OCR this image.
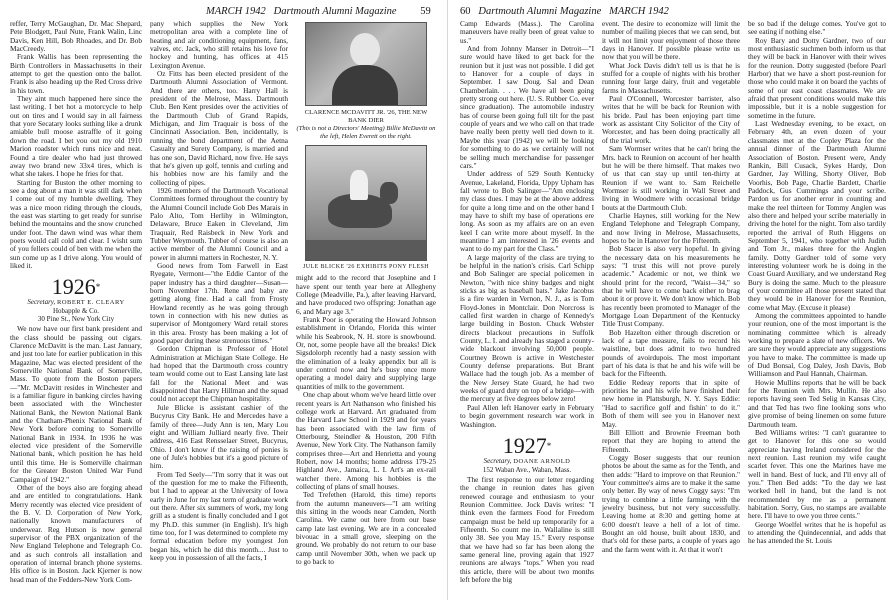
MARCH 1942 Dartmouth Alumni Magazine 59

reffer, Terry McGaughan, Dr. Mac Shepard, Pete Blodgett, Paul Nute, Frank Walin, Linc Davis, Ken Hill, Bob Rhoades, and Dr. Bob MacCreedy.

Frank Wallis has been representing the Birth Controllers in Massachusetts in their attempt to get the question onto the ballot. Frank is also heading up the Red Cross drive in his town.

They aint much happened here since the last writing. I bet hot a motorcycle to help out on tires and I would say in all fairness that yore Secatary looks suthing like a drunk amiable bull moose astraffle of it going down the road. I bet you out my old 1910 Marion roadster which runs nice and neat. Found a tire dealer who had just throwed away two brand new 33x4 tires, which is what she takes. I hope he fries for that.

Starting for Buston the other morning to see a dog about a man it was still dark when I come out of my humble dwelling. They was a nice moon riding through the clouds, the east was starting to get ready for sunrise behind the mountains and the snow crunched under foot. The dawn wind was whar them poets would call cold and clear. I wisht sum of you fellers could of ben with me when the sun come up as I drive along. You would of liked it.

1926*
Secretary, ROBERT E. CLEARY
Hobapple & Co.
30 Pine St., New York City

We now have our first bank president and the class should be passing out cigars. Clarence McDavitt is the man. Last January, and just too late for earlier publication in this Magazine, Mac was elected president of the Somerville National Bank of Somerville, Mass. To quote from the Boston papers—"Mr. McDavitt resides in Winchester and is a familiar figure in banking circles having been associated with the Winchester National Bank, the Newton National Bank and the Chatham-Phenix National Bank of New York before coming to Somerville National Bank in 1934. In 1936 he was elected vice president of the Somerville National bank, which position he has held until this time. He is Somerville chairman for the Greater Boston United War Fund Campaign of 1942."

Other of the boys also are forging ahead and are entitled to congratulations. Hank Merry recently was elected vice president of the B. V. D. Corporation of New York, nationally known manufacturers of underwear. Reg Hutson is now general supervisor of the PBX organization of the New England Telephone and Telegraph Co. and as such controls all installation and operation of internal branch phone systems. His office is in Boston. Jack Kjerner is now head man of the Fedders-New York Com-

pany which supplies the New York metropolitan area with a complete line of heating and air conditioning equipment, fans, valves, etc. Jack, who still retains his love for hockey and hunting, has offices at 415 Lexington Avenue.

Oz Fitts has been elected president of the Dartmouth Alumni Association of Vermont. And there are others, too. Harry Hall is president of the Melrose, Mass. Dartmouth Club. Ben Kent presides over the activities of the Dartmouth Club of Grand Rapids, Michigan, and Jim Traquair is boss of the Cincinnati Association. Ben, incidentally, is running the bond department of the Aetna Casualty and Surety Company, is married and has one son, David Richard, now five. He says that he's given up golf, tennis and curling and his hobbies now are his family and the collecting of pipes.

1926 members of the Dartmouth Vocational Committees formed throughout the country by the Alumni Council include Gob Des Marais in Palo Alto, Tom Herlihy in Wilmington, Delaware, Bruce Eaken in Cleveland, Jim Traquair, Red Raisbeck in New York and Tubber Weymouth. Tubber of course is also an active member of the Alumni Council and a power in alumni matters in Rochester, N. Y.

Good news from Tom Farwell in East Ryegate, Vermont—"the Eddie Cantor of the paper industry has a third daughter—Susan—born November 17th. Rene and baby are getting along fine. Had a call from Frosty Howland recently as he was going through town in connection with his new duties as supervisor of Montgomery Ward retail stores in this area. Frosty has been making a lot of good paper during these strenuous times."

Gordon Chipman is Professor of Hotel Administration at Michigan State College. He had hoped that the Dartmouth cross country team would come out to East Lansing late last fall for the National Meet and was disappointed that Harry Hillman and the squad could not accept the Chipman hospitality.

Jule Blicke is assistant cashier of the Bucyrus City Bank. He and Mercedes have a family of three—Judy Ann is ten, Mary Lou eight and William Julliard nearly five. Their address, 416 East Rensselaer Street, Bucyrus, Ohio. I don't know if the raising of ponies is one of Jule's hobbies but it's a good picture of him.

From Ted Seely—"I'm sorry that it was out of the question for me to make the Fifteenth, but I had to appear at the University of Iowa early in June for my last term of graduate work out there. After six summers of work, my long grill as a student is finally concluded and I got my Ph.D. this summer (in English). It's high time too, for I was determined to complete my formal education before my youngest Jon began his, which he did this month.... Just to keep you in possession of all the facts, I

CLARENCE MCDAVITT JR. '26, THE NEW BANK DIER
(This is not a Directors' Meeting) Billie McDavitt on the left, Helen Everett on the right.
JULE BLICKE '26 EXHIBITS PONY FLESH

might add to the record that Josephine and I have spent our tenth year here at Allegheny College (Meadville, Pa.), after leaving Harvard, and have produced two offspring: Jonathan age 6, and Mary age 3."

Frank Poor is operating the Howard Johnson establishment in Orlando, Florida this winter while his Seabrook, N. H. store is snowbound. Or, not, some people have all the breaks! Dick Sigsdolorph recently had a nasty session with the elimination of a leaky appendix but all is under control now and he's busy once more operating a model dairy and supplying large quantities of milk to the government.

One chap about whom we've heard little over recent years is Art Nathanson who finished his college work at Harvard. Art graduated from the Harvard Law School in 1929 and for years has been associated with the law firm of Otterbourg, Steindler & Houston, 200 Fifth Avenue, New York City. The Nathanson family comprises three—Art and Henrietta and young Robert, now 14 months; home address 179-25 Highland Ave., Jamaica, L. I. Art's an ex-rail watcher there. Among his hobbies is the collecting of plans of small houses.

Ted Trefethen (Harold, this time) reports from the autumn maneuvers—"I am writing this sitting in the woods near Camden, North Carolina. We came out here from our base camp late last evening. We are in a concealed bivouac in a small grove, sleeping on the ground. We probably do not return to our base camp until November 30th, when we pack up to go back to

60 Dartmouth Alumni Magazine MARCH 1942

Camp Edwards (Mass.). The Carolina maneuvers have really been of great value to us."

And from Johnny Manser in Detroit—"I sure would have liked to get back for the reunion but it just was not possible. I did get to Hanover for a couple of days in September. I saw Doug. Sal and Dean Chamberlain. . . . We have all been going pretty strong out here. (U. S. Rubber Co. ever since graduation). The automobile industry has of course been going full tilt for the past couple of years and we who call on that trade have really been pretty well tied down to it. Maybe this year (1942) we will be looking for something to do as we certainly will not be selling much merchandise for passenger cars."

Under address of 529 South Kentucky Avenue, Lakeland, Florida, Uppy Upham has fall wrote to Bob Salinger—"Am enclosing my class dues. I may be at the above address for quite a long time and on the other hand I may have to shift my base of operations ere long. As soon as my affairs are on an even keel I can write more about myself. In the meantime I am interested in '26 events and want to do my part for the Class."

A large majority of the class are trying to be helpful in the nation's crisis. Carl Schipp and Bob Salinger are special policemen in Newton, "with nice shiny badges and night sticks as big as baseball bats." Jake Jacobus is a fire warden in Vernon, N. J., as is Tom Floyd-Jones in Montclair. Don Norcross is called first warden in charge of Kennedy's large building in Boston. Chuck Webster directs blackout precautions in Suffolk County, L. I. and already has staged a county-wide blackout involving 50,000 people. Courtney Brown is active in Westchester County defense preparations. But Brant Wallace had the tough job. As a member of the New Jersey State Guard, he had two weeks of guard duty on top of a bridge—with the mercury at five degrees below zero!

Paul Allen left Hanover early in February to begin government research war work in Washington.

1927*
Secretary, DOANE ARNOLD
152 Waban Ave., Waban, Mass.

The first response to our letter regarding the change in reunion dates has given renewed courage and enthusiasm to your Reunion Committee. Jock Davis writes: "I think even the farmers Food for Freedom campaign must be held up temporarily for a Fifteenth. So count me in. Wallaline is still only 38. See you May 15." Every response that we have had so far has been along the same general line, proving again that 1927 reunions are always "tops." When you read this article, there will be about two months left before the big

event. The desire to economize will limit the number of mailing pieces that we can send, but it will not limit your enjoyment of those three days in Hanover. If possible please write us now that you will be there.

What Jock Davis didn't tell us is that he is stuffed for a couple of nights with his brother running four large dairy, fruit and vegetable farms in Massachusetts.

Paul O'Connell, Worcester barrister, also writes that he will be back for Reunion with his bride. Paul has been enjoying part time work as assistant City Solicitor of the City of Worcester, and has been doing practically all of the trial work.

Sam Wormser writes that he can't bring the Mrs. back to Reunion on account of her health but he will be there himself. That makes two of us that can stay up until ten-thirty at Reunion if we want to. Sam Reichelle Wormser is still working in Wall Street and living in Woodmere with occasional bridge bouts at the Dartmouth Club.

Charlie Haynes, still working for the New England Telephone and Telegraph Company, and now living in Melrose, Massachusetts, hopes to be in Hanover for the Fifteenth.

Bob Stacer is also very hopeful. In giving the necessary data on his measurements he says: "I trust this will not prove purely academic." Academic or not, we think we should print for the record, "Waist—34," so that he will have to come back either to brag about it or prove it. We don't know which. Bob has recently been promoted to Manager of the Mortgage Loan Department of the Kentucky Title Trust Company.

Bob Hazelton either through discretion or lack of a tape measure, fails to record his waistline, but does admit to two hundred pounds of avoirdupois. The most important part of his data is that he and his wife will be back for the Fifteenth.

Eddie Redeay reports that in spite of priorities he and his wife have finished their new home in Plattsburgh, N. Y. Says Eddie: "Had to sacrifice golf and fishin' to do it." Both of them will see you in Hanover next May.

Bill Elliott and Brownie Freeman both report that they are hoping to attend the Fifteenth.

Coggy Boser suggests that our reunion photos be about the same as for the Tenth, and then adds: "Hard to improve on that Reunion." Your committee's aims are to make it the same only better. By way of news Coggy says: "I'm trying to combine a little farming with the jewelry business, but not very successfully. Leaving home at 8:30 and getting home at 6:00 doesn't leave a hell of a lot of time. Bought an old house, built about 1830, and that's old for these parts, a couple of years ago and the farm went with it. At that it won't

be so bad if the deluge comes. You've got to see eating if nothing else."

Roy Bary and Dotty Gardner, two of our most enthusiastic suchmen both inform us that they will be back in Hanover with their wives for the reunion. Dotty suggested (before Pearl Harbor) that we have a short post-reunion for those who could make it on board the yachts of some of our east coast classmates. We are afraid that present conditions would make this impossible, but it is a noble suggestion for sometime in the future.

Last Wednesday evening, to be exact, on February 4th, an even dozen of your classmates met at the Copley Plaza for the annual dinner of the Dartmouth Alumni Association of Boston. Present were, Andy Rankin, Bill Cusack, Sykes Hardy, Don Gardner, Jay Willing, Shorty Oliver, Bob Voorhis, Bob Page, Charlie Bardett, Charlie Paddock, Gus Cummings and your scribe. Pardon us for another error in counting and make the reel thirteen for Tommy Anglen was also there and helped your scribe materially in driving the hotel for the night. Tom also tardily reported the arrival of Ruth Higgens on September 5, 1941, who together with Judith and Tom Jr., makes three for the Anglen family. Dotty Gardner told of some very interesting volunteer work he is doing in the Coast Guard Auxiliary, and we understand Reg Bury is doing the same. Much to the pleasure of your committee all those present stated that they would be in Hanover for the Reunion, come what May. (Excuse it please)

Among the committees appointed to handle your reunion, one of the most important is the nominating committee which is already working to prepare a slate of new officers. We are sure they would appreciate any suggestions you have to make. The committee is made up of Dud Bonsal, Cog Daley, Josh Davis, Bob Williamson and Paul Hannah, Chairman.

Howie Mullins reports that he will be back for the Reunion with Mrs. Mullin. He also reports having seen Ted Selig in Kansas City, and that Ted has two fine looking sons who give promise of being linemen on some future Dartmouth team.

Bed Williams writes: "I can't guarantee to get to Hanover for this one so would appreciate having Ireland considered for the next reunion. Last reunion my wife caught scarlet fever. This one the Marines have me well in hand. Best of luck, and I'll envy all of you." Then Bed adds: "To the day we last worked hell in hand, but the land is not recommended by me as a permanent habitation. Sorry, Gus, no stamps are available here. I'll have to owe you three cents."

George Woelfel writes that he is hopeful as to attending the Quindecennial, and adds that he has attended the St. Louis
